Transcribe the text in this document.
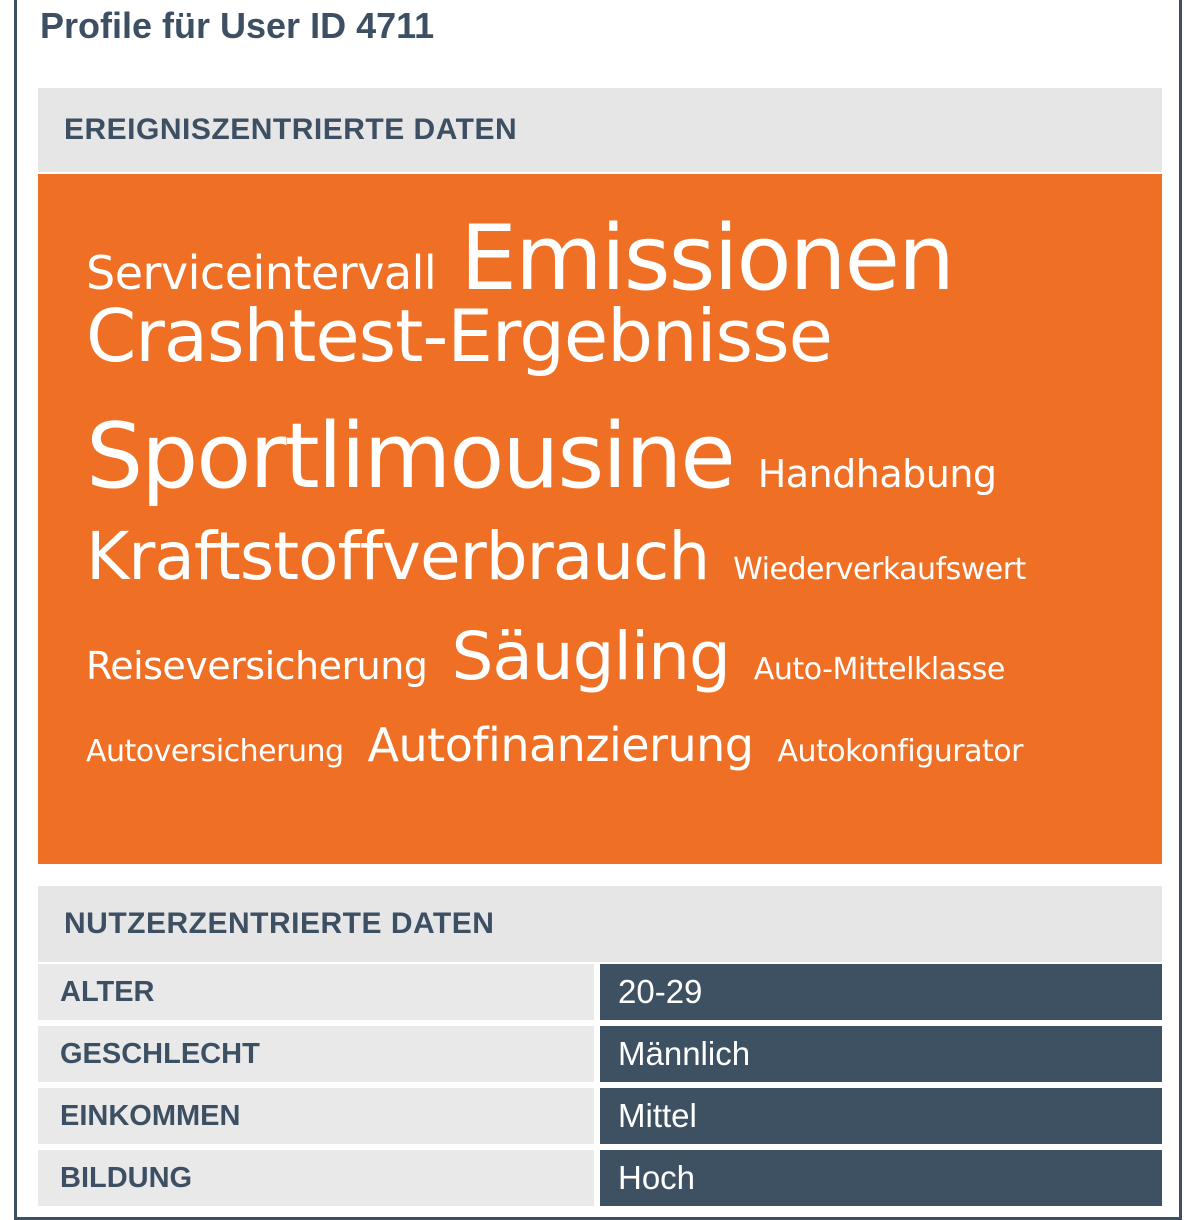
Profile für User ID 4711
EREIGNISZENTRIERTE DATEN
Serviceintervall Emissionen
Crashtest-Ergebnisse
Sportlimousine Handhabung
Kraftstoffverbrauch Wiederverkaufswert
Reiseversicherung Säugling Auto-Mittelklasse
Autoversicherung Autofinanzierung Autokonfigurator
NUTZERZENTRIERTE DATEN
ALTER	20-29
GESCHLECHT	Männlich
EINKOMMEN	Mittel
BILDUNG	Hoch
